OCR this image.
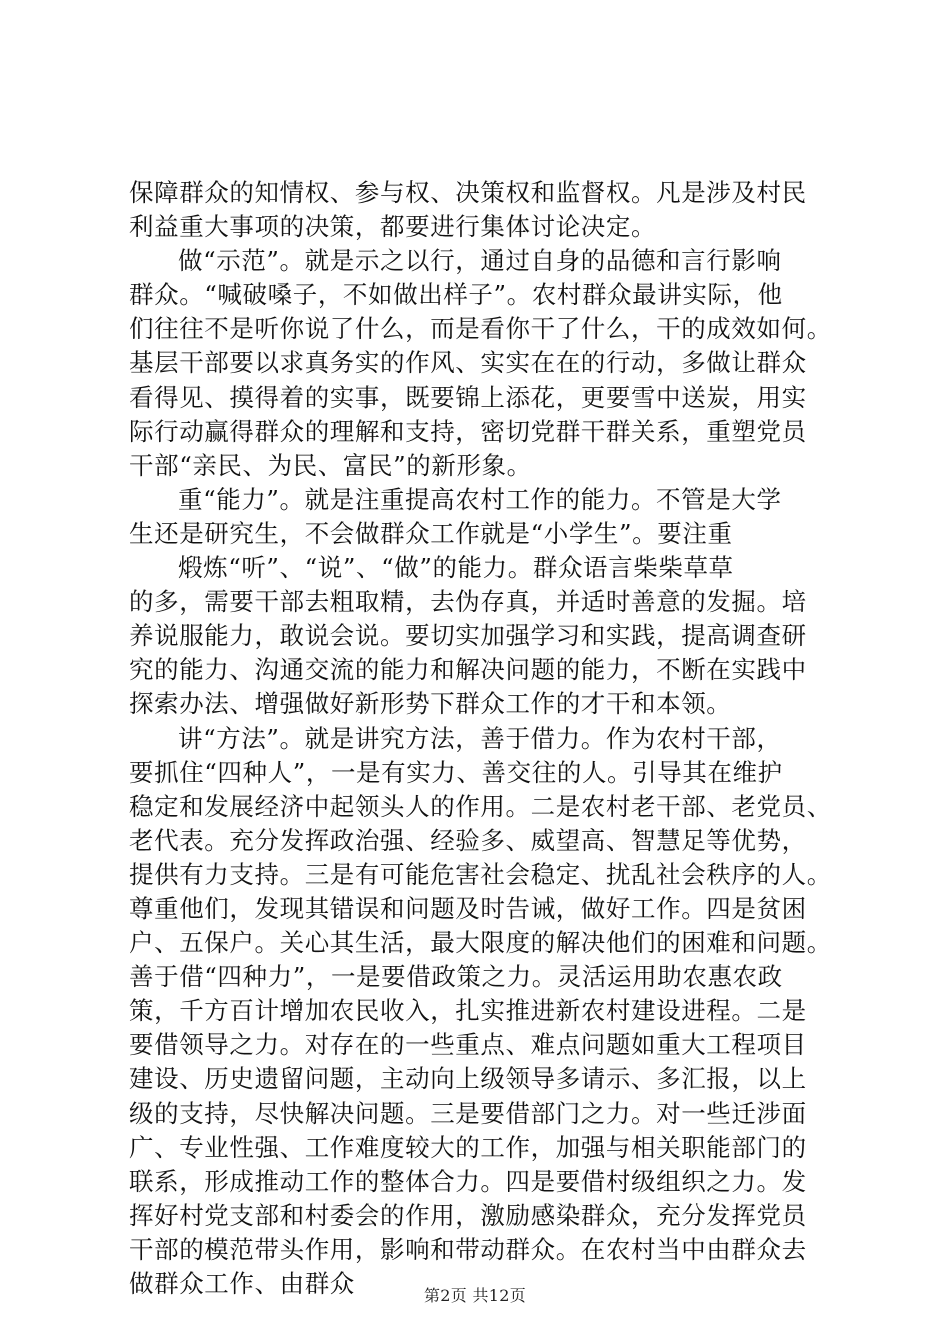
保障群众的知情权、参与权、决策权和监督权。凡是涉及村民
利益重大事项的决策，都要进行集体讨论决定。
做“示范”。就是示之以行，通过自身的品德和言行影响
群众。“喊破嗓子，不如做出样子”。农村群众最讲实际，他
们往往不是听你说了什么，而是看你干了什么，干的成效如何。
基层干部要以求真务实的作风、实实在在的行动，多做让群众
看得见、摸得着的实事，既要锦上添花，更要雪中送炭，用实
际行动赢得群众的理解和支持，密切党群干群关系，重塑党员
干部“亲民、为民、富民”的新形象。
重“能力”。就是注重提高农村工作的能力。不管是大学
生还是研究生，不会做群众工作就是“小学生”。要注重
煅炼“听”、“说”、“做”的能力。群众语言柴柴草草
的多，需要干部去粗取精，去伪存真，并适时善意的发掘。培
养说服能力，敢说会说。要切实加强学习和实践，提高调查研
究的能力、沟通交流的能力和解决问题的能力，不断在实践中
探索办法、增强做好新形势下群众工作的才干和本领。
讲“方法”。就是讲究方法，善于借力。作为农村干部，
要抓住“四种人”，一是有实力、善交往的人。引导其在维护
稳定和发展经济中起领头人的作用。二是农村老干部、老党员、
老代表。充分发挥政治强、经验多、威望高、智慧足等优势，
提供有力支持。三是有可能危害社会稳定、扰乱社会秩序的人。
尊重他们，发现其错误和问题及时告诫，做好工作。四是贫困
户、五保户。关心其生活，最大限度的解决他们的困难和问题。
善于借“四种力”，一是要借政策之力。灵活运用助农惠农政
策，千方百计增加农民收入，扎实推进新农村建设进程。二是
要借领导之力。对存在的一些重点、难点问题如重大工程项目
建设、历史遗留问题，主动向上级领导多请示、多汇报，以上
级的支持，尽快解决问题。三是要借部门之力。对一些迁涉面
广、专业性强、工作难度较大的工作，加强与相关职能部门的
联系，形成推动工作的整体合力。四是要借村级组织之力。发
挥好村党支部和村委会的作用，激励感染群众，充分发挥党员
干部的模范带头作用，影响和带动群众。在农村当中由群众去
做群众工作、由群众	第2页 共12页
